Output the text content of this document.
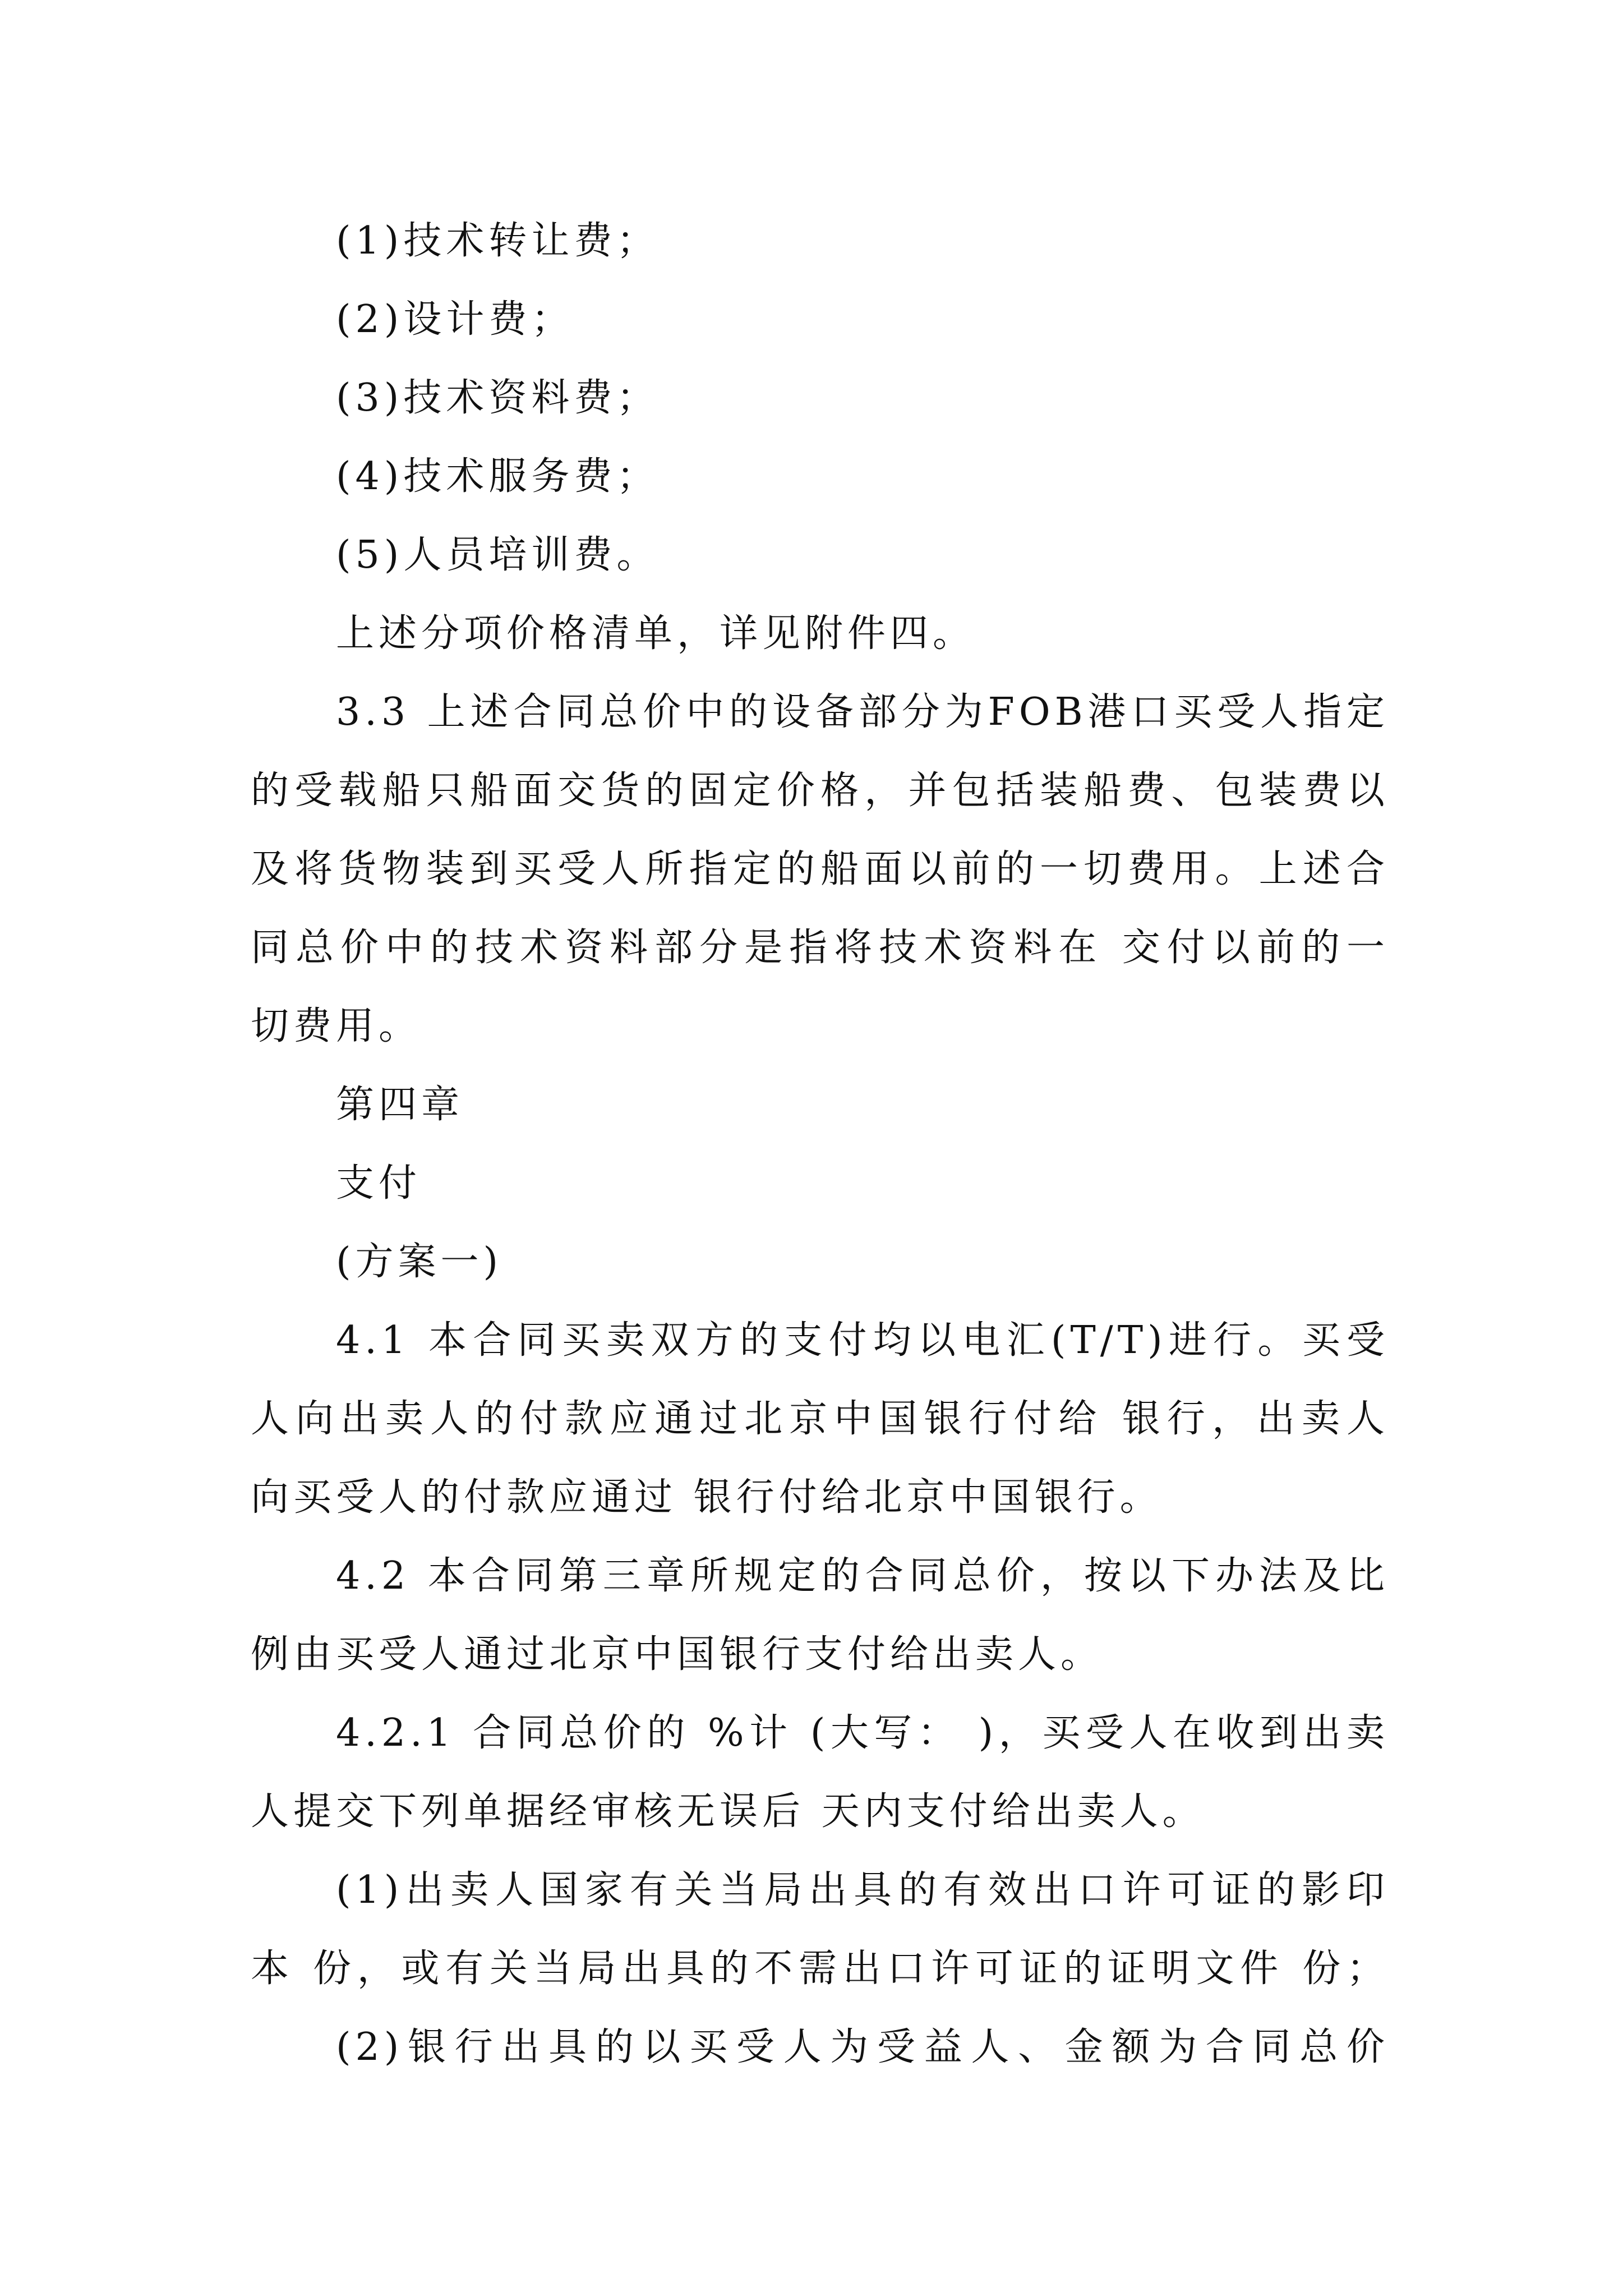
(1)技术转让费；
(2)设计费；
(3)技术资料费；
(4)技术服务费；
(5)人员培训费。
上述分项价格清单，详见附件四。
3.3 上述合同总价中的设备部分为FOB港口买受人指定
的受载船只船面交货的固定价格，并包括装船费、包装费以
及将货物装到买受人所指定的船面以前的一切费用。上述合
同总价中的技术资料部分是指将技术资料在 交付以前的一
切费用。
第四章
支付
(方案一)
4.1 本合同买卖双方的支付均以电汇(T/T)进行。买受
人向出卖人的付款应通过北京中国银行付给 银行，出卖人
向买受人的付款应通过 银行付给北京中国银行。
4.2 本合同第三章所规定的合同总价，按以下办法及比
例由买受人通过北京中国银行支付给出卖人。
4.2.1 合同总价的 %计 (大写： )，买受人在收到出卖
人提交下列单据经审核无误后 天内支付给出卖人。
(1)出卖人国家有关当局出具的有效出口许可证的影印
本 份，或有关当局出具的不需出口许可证的证明文件 份；
(2)银行出具的以买受人为受益人、金额为合同总价
